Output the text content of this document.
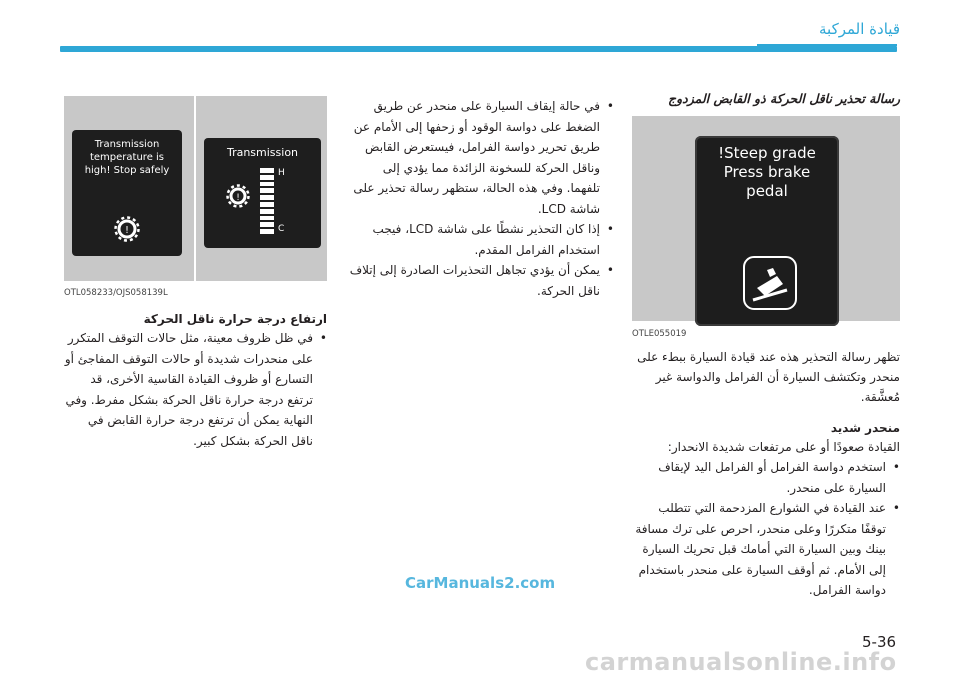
قيادة المركبة
رسالة تحذير ناقل الحركة ذو القابض المزدوج
Steep grade!
Press brake
pedal
OTLE055019
تظهر رسالة التحذير هذه عند قيادة السيارة ببطء على منحدر وتكتشف السيارة أن الفرامل والدواسة غير مُعشَّقة.
منحدر شديد
القيادة صعودًا أو على مرتفعات شديدة الانحدار:
• استخدم دواسة الفرامل أو الفرامل اليد لإيقاف السيارة على منحدر.
• عند القيادة في الشوارع المزدحمة التي تتطلب توقفًا متكررًا وعلى منحدر، احرص على ترك مسافة بينك وبين السيارة التي أمامك قبل تحريك السيارة إلى الأمام. ثم أوقف السيارة على منحدر باستخدام دواسة الفرامل.
• في حالة إيقاف السيارة على منحدر عن طريق الضغط على دواسة الوقود أو زحفها إلى الأمام عن طريق تحرير دواسة الفرامل، فيستعرض القابض وناقل الحركة للسخونة الزائدة مما يؤدي إلى تلفهما. وفي هذه الحالة، ستظهر رسالة تحذير على شاشة LCD.
• إذا كان التحذير نشطًا على شاشة LCD، فيجب استخدام الفرامل المقدم.
• يمكن أن يؤدي تجاهل التحذيرات الصادرة إلى إتلاف ناقل الحركة.
Transmission
temperature is
high! Stop safely
!
Transmission
!
H
C
OTL058233/OJS058139L
ارتفاع درجة حرارة ناقل الحركة
• في ظل ظروف معينة، مثل حالات التوقف المتكرر على منحدرات شديدة أو حالات التوقف المفاجئ أو التسارع أو ظروف القيادة القاسية الأخرى، قد ترتفع درجة حرارة ناقل الحركة بشكل مفرط. وفي النهاية يمكن أن ترتفع درجة حرارة القابض في ناقل الحركة بشكل كبير.
CarManuals2.com
5-36
carmanualsonline.info
